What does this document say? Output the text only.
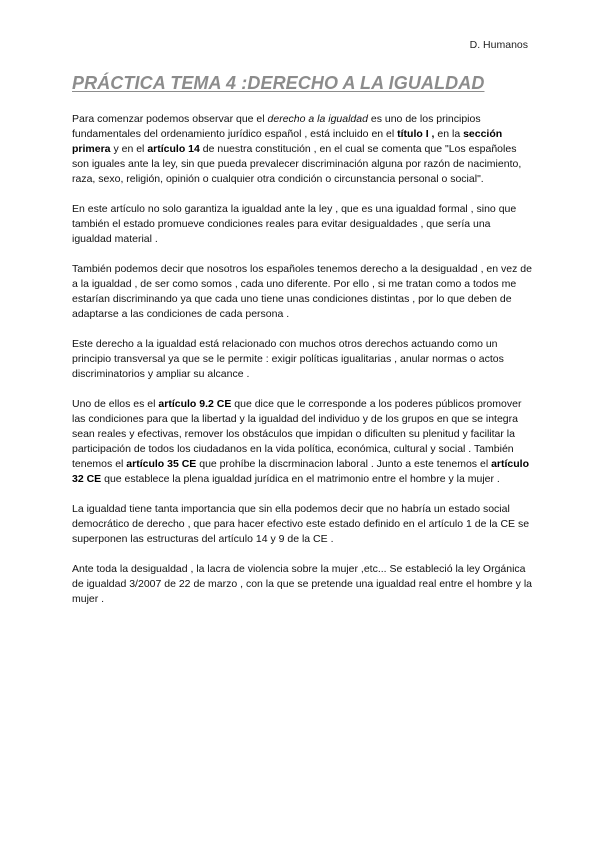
D. Humanos
PRÁCTICA TEMA 4 :DERECHO A LA IGUALDAD

Para comenzar podemos observar que el derecho a la igualdad es uno de los principios fundamentales del ordenamiento jurídico español , está incluido en el título I , en la sección primera y en el artículo 14 de nuestra constitución , en el cual se comenta que "Los españoles son iguales ante la ley, sin que pueda prevalecer discriminación alguna por razón de nacimiento, raza, sexo, religión, opinión o cualquier otra condición o circunstancia personal o social".

En este artículo no solo garantiza la igualdad ante la ley , que es una igualdad formal , sino que también el estado promueve condiciones reales para evitar desigualdades , que sería una igualdad material .

También podemos decir que nosotros los españoles tenemos derecho a la desigualdad , en vez de a la igualdad , de ser como somos , cada uno diferente. Por ello , si me tratan como a todos me estarían discriminando ya que cada uno tiene unas condiciones distintas , por lo que deben de adaptarse a las condiciones de cada persona .

Este derecho a la igualdad está relacionado con muchos otros derechos actuando como un principio transversal ya que se le permite : exigir políticas igualitarias , anular normas o actos discriminatorios y ampliar su alcance .

Uno de ellos es el artículo 9.2 CE que dice que le corresponde a los poderes públicos promover las condiciones para que la libertad y la igualdad del individuo y de los grupos en que se integra sean reales y efectivas, remover los obstáculos que impidan o dificulten su plenitud y facilitar la participación de todos los ciudadanos en la vida política, económica, cultural y social . También tenemos el artículo 35 CE que prohíbe la discrminacion laboral . Junto a este tenemos el artículo 32 CE que establece la plena igualdad jurídica en el matrimonio entre el hombre y la mujer .

La igualdad tiene tanta importancia que sin ella podemos decir que no habría un estado social democrático de derecho , que para hacer efectivo este estado definido en el artículo 1 de la CE se superponen las estructuras del artículo 14 y 9 de la CE .

Ante toda la desigualdad , la lacra de violencia sobre la mujer ,etc... Se estableció la ley Orgánica de igualdad 3/2007 de 22 de marzo , con la que se pretende una igualdad real entre el hombre y la mujer .
